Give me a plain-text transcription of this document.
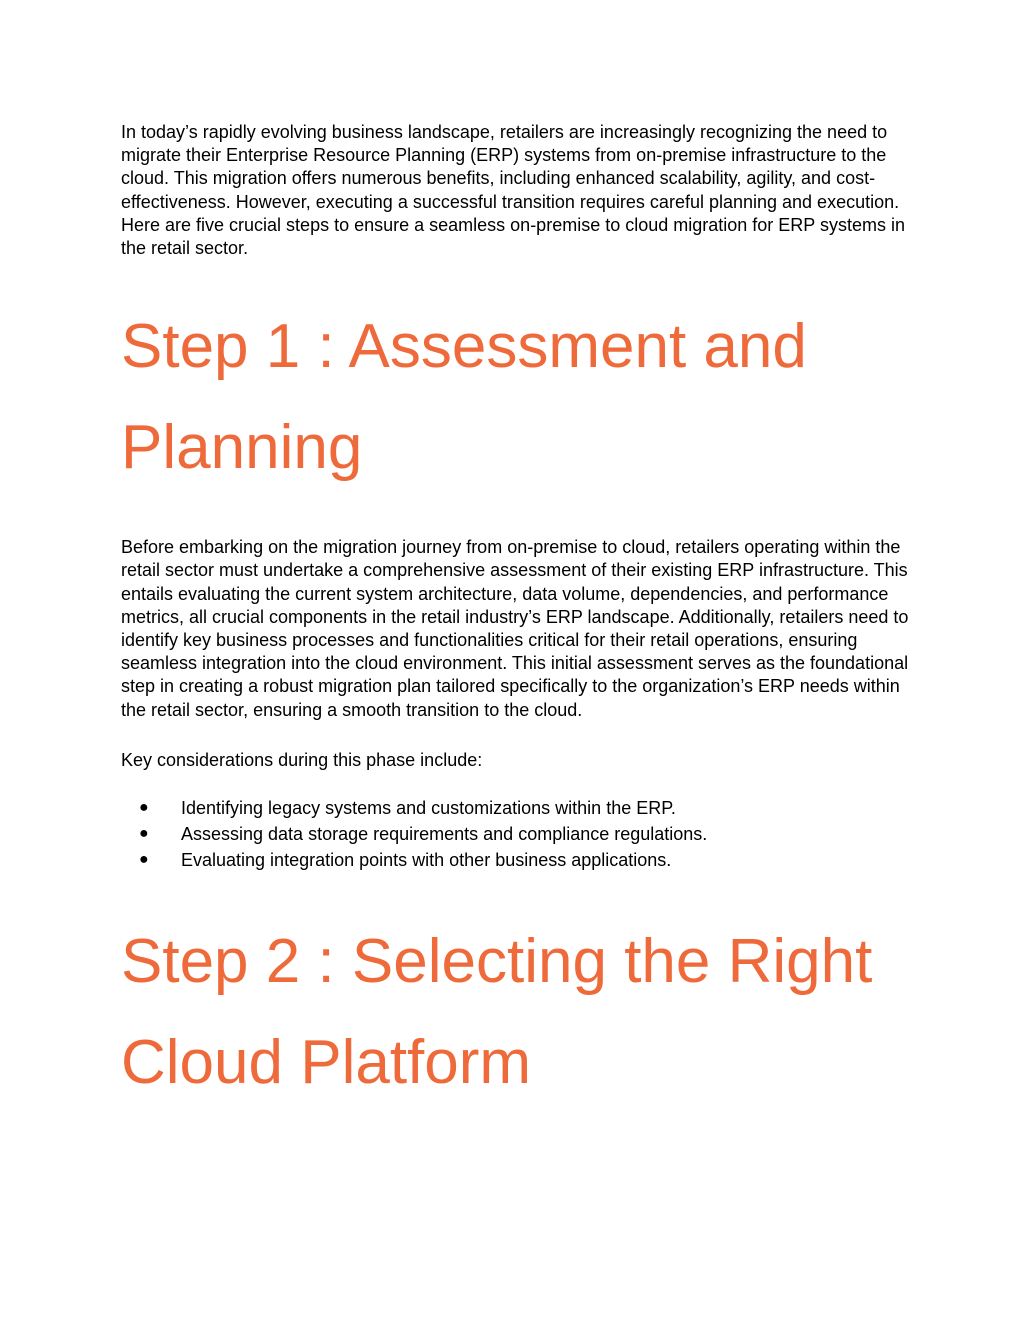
In today’s rapidly evolving business landscape, retailers are increasingly recognizing the need to migrate their Enterprise Resource Planning (ERP) systems from on-premise infrastructure to the cloud. This migration offers numerous benefits, including enhanced scalability, agility, and cost-effectiveness. However, executing a successful transition requires careful planning and execution. Here are five crucial steps to ensure a seamless on-premise to cloud migration for ERP systems in the retail sector.

Step 1 : Assessment and Planning

Before embarking on the migration journey from on-premise to cloud, retailers operating within the retail sector must undertake a comprehensive assessment of their existing ERP infrastructure. This entails evaluating the current system architecture, data volume, dependencies, and performance metrics, all crucial components in the retail industry’s ERP landscape. Additionally, retailers need to identify key business processes and functionalities critical for their retail operations, ensuring seamless integration into the cloud environment. This initial assessment serves as the foundational step in creating a robust migration plan tailored specifically to the organization’s ERP needs within the retail sector, ensuring a smooth transition to the cloud.

Key considerations during this phase include:

● Identifying legacy systems and customizations within the ERP.
● Assessing data storage requirements and compliance regulations.
● Evaluating integration points with other business applications.
Step 2 : Selecting the Right Cloud Platform
